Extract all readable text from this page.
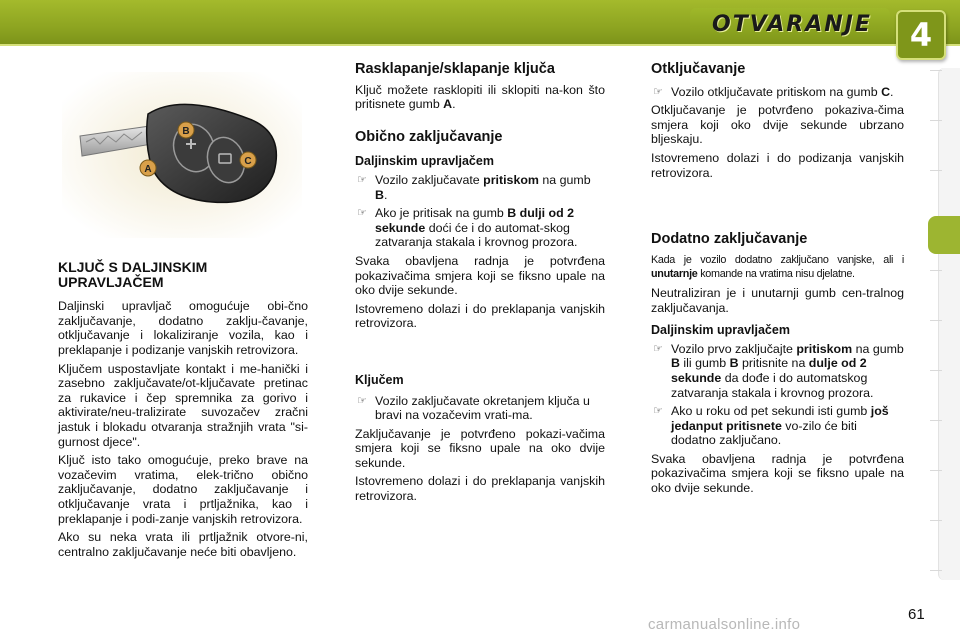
OTVARANJE 4
A
B
C
KLJUČ S DALJINSKIM UPRAVLJAČEM

Daljinski upravljač omogućuje obi-čno zaključavanje, dodatno zaklju-čavanje, otključavanje i lokaliziranje vozila, kao i preklapanje i podizanje vanjskih retrovizora.

Ključem uspostavljate kontakt i me-hanički i zasebno zaključavate/ot-ključavate pretinac za rukavice i čep spremnika za gorivo i aktivirate/neu-tralizirate suvozačev zračni jastuk i blokadu otvaranja stražnjih vrata "si-gurnost djece".

Ključ isto tako omogućuje, preko brave na vozačevim vratima, elek-trično obično zaključavanje, dodatno zaključavanje i otključavanje vrata i prtljažnika, kao i preklapanje i podi-zanje vanjskih retrovizora.

Ako su neka vrata ili prtljažnik otvore-ni, centralno zaključavanje neće biti obavljeno.

Rasklapanje/sklapanje ključa

Ključ možete rasklopiti ili sklopiti na-kon što pritisnete gumb A.

Obično zaključavanje
Daljinskim upravljačem
☞ Vozilo zaključavate pritiskom na gumb B.
☞ Ako je pritisak na gumb B dulji od 2 sekunde doći će i do automat-skog zatvaranja stakala i krovnog prozora.

Svaka obavljena radnja je potvrđena pokazivačima smjera koji se fiksno upale na oko dvije sekunde.

Istovremeno dolazi i do preklapanja vanjskih retrovizora.

Ključem
☞ Vozilo zaključavate okretanjem ključa u bravi na vozačevim vrati-ma.

Zaključavanje je potvrđeno pokazi-vačima smjera koji se fiksno upale na oko dvije sekunde.

Istovremeno dolazi i do preklapanja vanjskih retrovizora.

Otključavanje
☞ Vozilo otključavate pritiskom na gumb C.

Otključavanje je potvrđeno pokaziva-čima smjera koji oko dvije sekunde ubrzano bljeskaju.

Istovremeno dolazi i do podizanja vanjskih retrovizora.

Dodatno zaključavanje

Kada je vozilo dodatno zaključano vanjske, ali i unutarnje komande na vratima nisu djelatne.

Neutraliziran je i unutarnji gumb cen-tralnog zaključavanja.

Daljinskim upravljačem
☞ Vozilo prvo zaključajte pritiskom na gumb B ili gumb B pritisnite na dulje od 2 sekunde da dođe i do automatskog zatvaranja stakala i krovnog prozora.
☞ Ako u roku od pet sekundi isti gumb još jedanput pritisnete vo-zilo će biti dodatno zaključano.

Svaka obavljena radnja je potvrđena pokazivačima smjera koji se fiksno upale na oko dvije sekunde.

61
carmanualsonline.info
